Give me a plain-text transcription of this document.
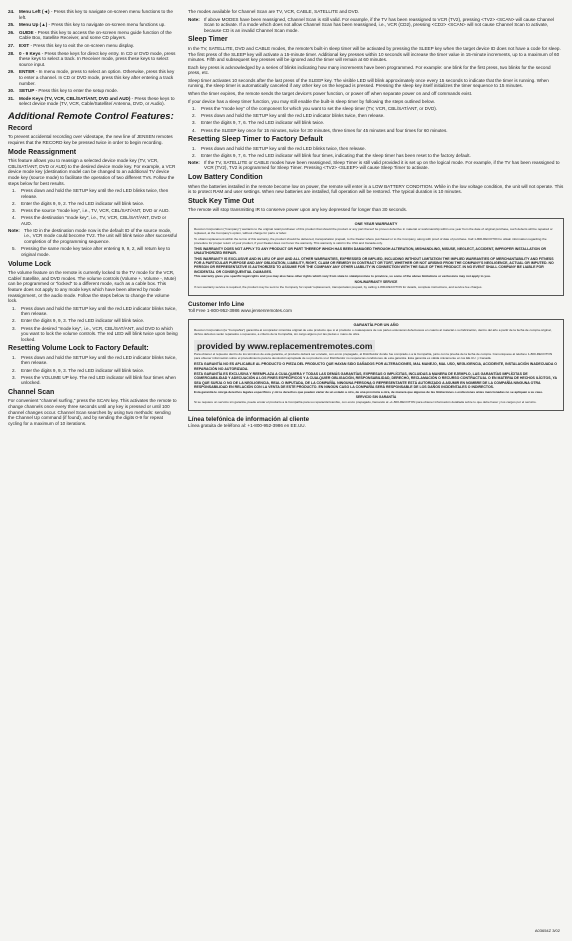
24.	Menu Left (◄) - Press this key to navigate on-screen menu functions to the left.
25.	Menu Up (▲) - Press this key to navigate on-screen menu functions up.
26.	GUIDE - Press this key to access the on-screen menu guide function of the Cable Box, Satellite Receiver, and some CD players.
27.	EXIT - Press this key to exit the on-screen menu display.
28.	0 - 9 Keys - Press these keys for direct key entry. In CD or DVD mode, press these keys to select a track. In Receiver mode, press these keys to select source input.
29.	ENTER - In menu mode, press to select an option. Otherwise, press this key to enter a channel. In CD or DVD mode, press this key after entering a track number.
30.	SETUP - Press this key to enter the setup mode.
31.	Mode Keys (TV, VCR, CBL/SAT/ANT, DVD and AUD) - Press these keys to select device mode (TV, VCR, Cable/Satellite/ Antenna, DVD, or Audio).
Additional Remote Control Features:
Record

To prevent accidental recording over videotape, the new line of JENSEN remotes requires that the RECORD key be pressed twice in order to begin recording.

Mode Reassignment

This feature allows you to reassign a selected device mode key (TV, VCR, CBL/SAT/ANT, DVD or AUD) to the desired device mode key. For example, a VCR device mode key (destination model can be changed to an additional TV device mode key (source mode) to facilitate the operation of two different TVs. Follow the steps below for best results.

1.	Press down and hold the SETUP key until the red LED blinks twice, then release.
2.	Enter the digits 9, 9, 2. The red LED indicator will blink twice.
3.	Press the source "mode key", i.e., TV, VCR, CBL/SAT/ANT, DVD or AUD.
4.	Press the destination "mode key", i.e., TV, VCR, CBL/SAT/ANT, DVD or AUD.
Note: The ID in the destination mode now is the default ID of the source mode, i.e., VCR mode could become TV2. The unit will blink twice after successful completion of the programming sequence.
5.	Pressing the same mode key twice after entering 9, 9, 2, will return key to original mode.
Volume Lock

The volume feature on the remote is currently locked to the TV mode for the VCR, Cable/ Satellite, and DVD modes. The volume controls (Volume +, Volume -, Mute) can be programmed or "locked" to a different mode, such as a cable box. This feature does not apply to any mode keys which have been altered by mode reassignment, or the audio mode. Follow the steps below to change the volume lock.

1.	Press down and hold the SETUP key until the red LED indicator blinks twice, then release.
2.	Enter the digits 9, 9, 3. The red LED indicator will blink twice.
3.	Press the desired "mode key", i.e., VCR, CBL/SAT/ANT, and DVD to which you want to lock the volume controls. The red LED will blink twice upon being locked.
Resetting Volume Lock to Factory Default:
1.	Press down and hold the SETUP key until the red LED indicator blinks twice, then release.
2.	Enter the digits 9, 9, 3. The red LED indicator will blink twice.
3.	Press the VOLUME UP key. The red LED indicator will blink four times when unlocked.
Channel Scan

For convenient "channel surfing," press the SCAN key. This activates the remote to change channels once every three seconds until any key is pressed or until 100 channel changes occur. Channel Scan searches by using two methods: sending the Channel Up command (if found), and by sending the digits 0-9 for repeat cycling for a maximum of 10 iterations.

The modes available for Channel Scan are TV, VCR, CABLE, SATELLITE and DVD.

Note: If above MODES have been reassigned, Channel Scan is still valid. For example, if the TV has been reassigned to VCR (TV2), pressing <TV2> <SCAN> will cause Channel Scan to activate. If a mode which does not allow Channel Scan has been reassigned, i.e., VCR (CD2), pressing <CD2> <SCAN> will not cause Channel Scan to activate, because CD is an invalid Channel Scan mode.
Sleep Timer

In the TV, SATELLITE, DVD and CABLE modes, the remote's built-in sleep timer will be activated by pressing the SLEEP key when the target device ID does not have a code for sleep. The first press of the SLEEP key will activate a 15-minute timer. Additional key presses within 10 seconds will increase the timer value in 15-minute increments, up to a maximum of 60 minutes. Fifth and subsequent key presses will be ignored and the timer will remain at 60 minutes.

Each key press is acknowledged by a series of blinks indicating how many increments have been programmed. For example: one blink for the first press, two blinks for the second press, etc.

Sleep timer activates 10 seconds after the last press of the SLEEP key. The visible LED will blink approximately once every 15 seconds to indicate that the timer is running. When running, the sleep timer is automatically canceled if any other key on the keypad is pressed. Pressing the sleep key itself initializes the timer sequence to 15 minutes.

When the timer expires, the remote sends the target device's power function, or power off when separate power on and off commands exist.

If your device has a sleep timer function, you may still enable the built-in sleep timer by following the steps outlined below.

1.	Press the "mode key" of the component for which you want to set the sleep timer (TV, VCR, CBL/SAT/ANT, or DVD).
2.	Press down and hold the SETUP key until the red LED indicator blinks twice, then release.
3.	Enter the digits 9, 7, 6. The red LED indicator will blink twice.
4.	Press the SLEEP key once for 15 minutes, twice for 30 minutes, three times for 45 minutes and four times for 60 minutes.
Resetting Sleep Timer to Factory Default
1.	Press down and hold the SETUP key until the red LED blinks twice, then release.
2.	Enter the digits 9, 7, 6. The red LED indicator will blink four times, indicating that the sleep timer has been reset to the factory default.
Note: If the TV, SATELLITE or CABLE modes have been reassigned, Sleep Timer is still valid provided it is set up on the logical mode. For example, if the TV has been reassigned to VCR (TV2), TV2 is programmed for Sleep Timer. Pressing <TV2> <SLEEP> will cause Sleep Timer to activate.
Low Battery Condition

When the batteries installed in the remote become low on power, the remote will enter in a LOW BATTERY CONDITION. While in the low voltage condition, the unit will not operate. This is to protect RAM and user settings. When new batteries are installed, full operation will be restored. The typical duration is 10 minutes.

Stuck Key Time Out

The remote will stop transmitting IR to conserve power upon any key depressed for longer than 30 seconds.

ONE YEAR WARRANTY

Recoton Corporation ("Company") warrants to the original retail purchaser of this product that should the product or any part thereof be proven defective in material or workmanship within one year from the date of original purchase, such defects will be repaired or replaced, at the Company's option, without charge for parts or labor.

To obtain replacement within the terms of this warranty, the product should be delivered, transportation prepaid, to the Dealer where purchased or to the Company, along with proof of date of purchase. Call 1-800-RECOTON to obtain information regarding the procedure for proper return of your product, if your Dealer does not honor the warranty. This warranty is valid in the USA and Canada only.

THIS WARRANTY DOES NOT APPLY TO ANY PRODUCT OR PART THEREOF WHICH HAS BEEN DAMAGED THROUGH ALTERATION, MISHANDLING, MISUSE, NEGLECT, ACCIDENT, IMPROPER INSTALLATION OR UNAUTHORIZED REPAIR.
THIS WARRANTY IS EXCLUSIVE AND IN LIEU OF ANY AND ALL OTHER WARRANTIES, EXPRESSED OR IMPLIED, INCLUDING WITHOUT LIMITATION THE IMPLIED WARRANTIES OF MERCHANTABILITY AND FITNESS FOR A PARTICULAR PURPOSE AND ANY OBLIGATION, LIABILITY, RIGHT, CLAIM OR REMEDY IN CONTRACT OR TORT, WHETHER OR NOT ARISING FROM THE COMPANY'S NEGLIGENCE, ACTUAL OR IMPUTED. NO PERSON OR REPRESENTATIVE IS AUTHORIZED TO ASSUME FOR THE COMPANY ANY OTHER LIABILITY IN CONNECTION WITH THE SALE OF THIS PRODUCT. IN NO EVENT SHALL COMPANY BE LIABLE FOR INCIDENTAL OR CONSEQUENTIAL DAMAGES.

This warranty gives you specific legal rights and you may also have other rights which vary from state to state/province to province, so some of the above limitations or exclusions may not apply to you.

NON-WARRANTY SERVICE

If non-warranty service is required, the product may be sent to the Company for repair/ replacement, transportation prepaid, by calling 1-800-RECOTON for details, complete instructions, and service fee charges.

Customer Info Line

Toll Free 1-800-952-3986 www.jensenremotes.com

GARANTÍA POR UN AÑO

Recoton Corporation (la "Compañía") garantiza al comprador minorista original de este producto que si el producto o cualesquiera de sus partes estuvieran defectuosos en cuanto al material o su fabricación, dentro del año a partir de la fecha de compra original, dichos defectos serán reparados o repuestos, a criterio de la Compañía, sin cargo alguno por las piezas o mano de obra.

provided by www.replacementremotes.com

Para obtener el repuesto dentro de los términos de esta garantía, el producto deberá ser enviado, con envío prepagado, al Distribuidor donde fue comprado o a la Compañía, junto con la prueba de la fecha de compra. Comuníquese al teléfono 1-800-RECOTON para obtener información sobre el procedimiento para la devolución apropiada de su producto si el Distribuidor no respeta las condiciones de esta garantía. Esta garantía es válida únicamente en los EE.UU. y Canadá.

ESTA GARANTÍA NO ES APLICABLE AL PRODUCTO O PIEZA DEL PRODUCTO QUE HAYAN SIDO DAÑADOS POR ALTERACIONES, MAL MANEJO, MAL USO, NEGLIGENCIA, ACCIDENTE, INSTALACIÓN INADECUADA O REPARACIÓN NO AUTORIZADA.
ESTA GARANTÍA ES EXCLUSIVA Y REEMPLAZA A CUALQUIERA Y TODAS LAS DEMÁS GARANTÍAS, EXPRESAS O IMPLÍCITAS, INCLUIDAS A MANERA DE EJEMPLO, LAS GARANTÍAS IMPLÍCITAS DE COMERCIABILIDAD Y ADECUACIÓN A LOS FINES ESPECÍFICOS Y A CUALQUIER OBLIGACIÓN, RESPONSABILIDAD, DERECHO, RECLAMACIÓN O RECURSO CONTRACTUAL O EN MATERIA DE HECHOS ILÍCITOS, YA SEA QUE SURJA O NO DE LA NEGLIGENCIA, REAL O IMPUTADA, DE LA COMPAÑÍA. NINGUNA PERSONA O REPRESENTANTE ESTÁ AUTORIZADO A ASUMIR EN NOMBRE DE LA COMPAÑÍA NINGUNA OTRA RESPONSABILIDAD EN RELACIÓN CON LA VENTA DE ESTE PRODUCTO. EN NINGÚN CASO LA COMPAÑÍA SERÁ RESPONSABLE DE LOS DAÑOS INCIDENTALES O INDIRECTOS.

Esta garantía le otorga derechos legales específicos y otros derechos que pueden variar de un estado a otro, de una provincia a otra, de manera que algunas de las limitaciones o exclusiones antes mencionadas no se apliquen a su caso.

SERVICIO SIN GARANTÍA

Si se requiere un servicio sin garantía, puede enviar el producto a la Compañía para su reparación/cambio, con envío prepagado, llamando al +1-800-RECOTON para obtener información detallada sobre lo que debe hacer y los cargos por el servicio.

Línea telefónica de información al cliente

Línea gratuita de teléfono al: +1-800-952-3986 en EE.UU.

A03654Z 3/02
